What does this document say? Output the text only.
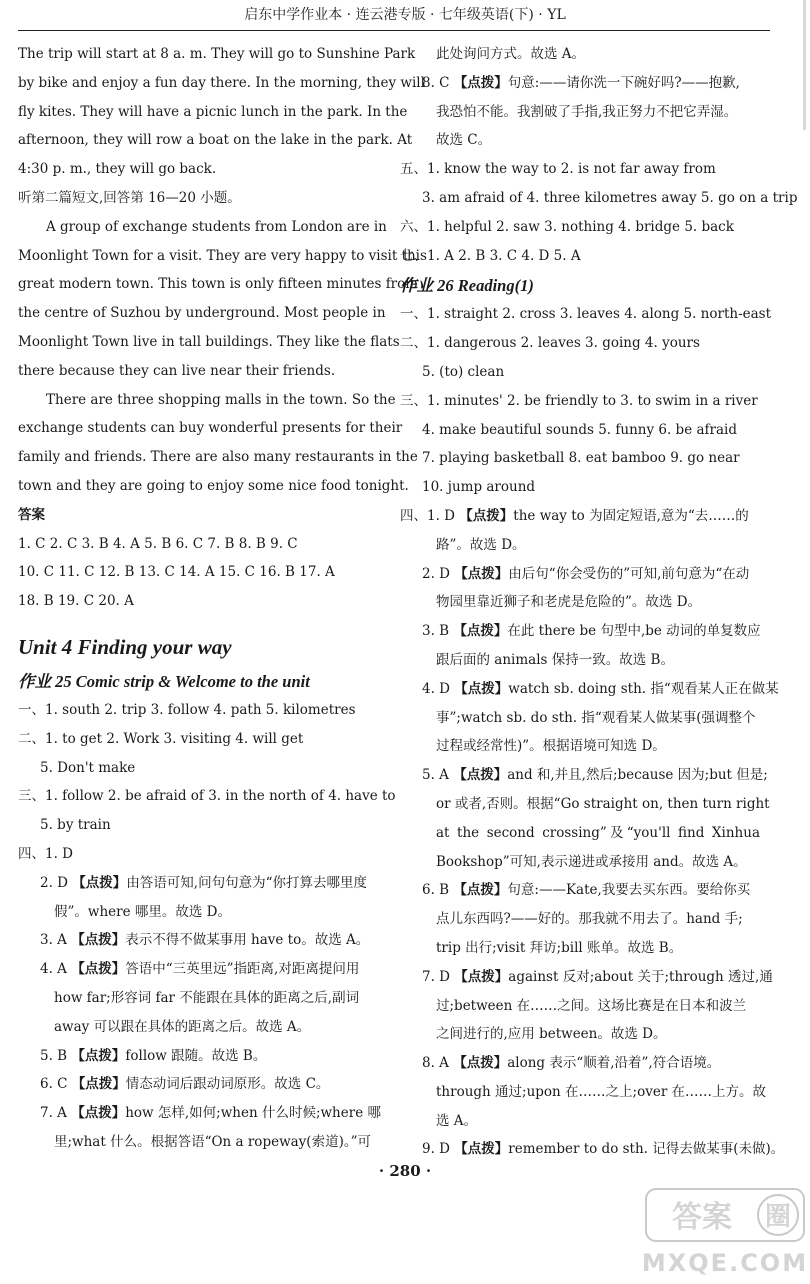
启东中学作业本 · 连云港专版 · 七年级英语(下) · YL
The trip will start at 8 a. m. They will go to Sunshine Park
by bike and enjoy a fun day there. In the morning, they will
fly kites. They will have a picnic lunch in the park. In the
afternoon, they will row a boat on the lake in the park. At
4:30 p. m., they will go back.
听第二篇短文,回答第 16—20 小题。
A group of exchange students from London are in
Moonlight Town for a visit. They are very happy to visit this
great modern town. This town is only fifteen minutes from
the centre of Suzhou by underground. Most people in
Moonlight Town live in tall buildings. They like the flats
there because they can live near their friends.
There are three shopping malls in the town. So the
exchange students can buy wonderful presents for their
family and friends. There are also many restaurants in the
town and they are going to enjoy some nice food tonight.
答案
1. C 2. C 3. B 4. A 5. B 6. C 7. B 8. B 9. C
10. C 11. C 12. B 13. C 14. A 15. C 16. B 17. A
18. B 19. C 20. A
Unit 4 Finding your way
作业 25 Comic strip & Welcome to the unit
一、1. south 2. trip 3. follow 4. path 5. kilometres
二、1. to get 2. Work 3. visiting 4. will get
5. Don't make
三、1. follow 2. be afraid of 3. in the north of 4. have to
5. by train
四、1. D
2. D 【点拨】由答语可知,问句句意为“你打算去哪里度
假”。where 哪里。故选 D。
3. A 【点拨】表示不得不做某事用 have to。故选 A。
4. A 【点拨】答语中“三英里远”指距离,对距离提问用
how far;形容词 far 不能跟在具体的距离之后,副词
away 可以跟在具体的距离之后。故选 A。
5. B 【点拨】follow 跟随。故选 B。
6. C 【点拨】情态动词后跟动词原形。故选 C。
7. A 【点拨】how 怎样,如何;when 什么时候;where 哪
里;what 什么。根据答语“On a ropeway(索道)。”可
此处询问方式。故选 A。
8. C 【点拨】句意:——请你洗一下碗好吗?——抱歉,
我恐怕不能。我割破了手指,我正努力不把它弄湿。
故选 C。
五、1. know the way to 2. is not far away from
3. am afraid of 4. three kilometres away 5. go on a trip
六、1. helpful 2. saw 3. nothing 4. bridge 5. back
七、1. A 2. B 3. C 4. D 5. A
作业 26 Reading(1)
一、1. straight 2. cross 3. leaves 4. along 5. north-east
二、1. dangerous 2. leaves 3. going 4. yours
5. (to) clean
三、1. minutes' 2. be friendly to 3. to swim in a river
4. make beautiful sounds 5. funny 6. be afraid
7. playing basketball 8. eat bamboo 9. go near
10. jump around
四、1. D 【点拨】the way to 为固定短语,意为“去……的
路”。故选 D。
2. D 【点拨】由后句“你会受伤的”可知,前句意为“在动
物园里靠近狮子和老虎是危险的”。故选 D。
3. B 【点拨】在此 there be 句型中,be 动词的单复数应
跟后面的 animals 保持一致。故选 B。
4. D 【点拨】watch sb. doing sth. 指“观看某人正在做某
事”;watch sb. do sth. 指“观看某人做某事(强调整个
过程或经常性)”。根据语境可知选 D。
5. A 【点拨】and 和,并且,然后;because 因为;but 但是;
or 或者,否则。根据“Go straight on, then turn right
at the second crossing”及“you'll find Xinhua
Bookshop”可知,表示递进或承接用 and。故选 A。
6. B 【点拨】句意:——Kate,我要去买东西。要给你买
点儿东西吗?——好的。那我就不用去了。hand 手;
trip 出行;visit 拜访;bill 账单。故选 B。
7. D 【点拨】against 反对;about 关于;through 透过,通
过;between 在……之间。这场比赛是在日本和波兰
之间进行的,应用 between。故选 D。
8. A 【点拨】along 表示“顺着,沿着”,符合语境。
through 通过;upon 在……之上;over 在……上方。故
选 A。
9. D 【点拨】remember to do sth. 记得去做某事(未做)。
· 280 ·
答案 圈
MXQE.COM
